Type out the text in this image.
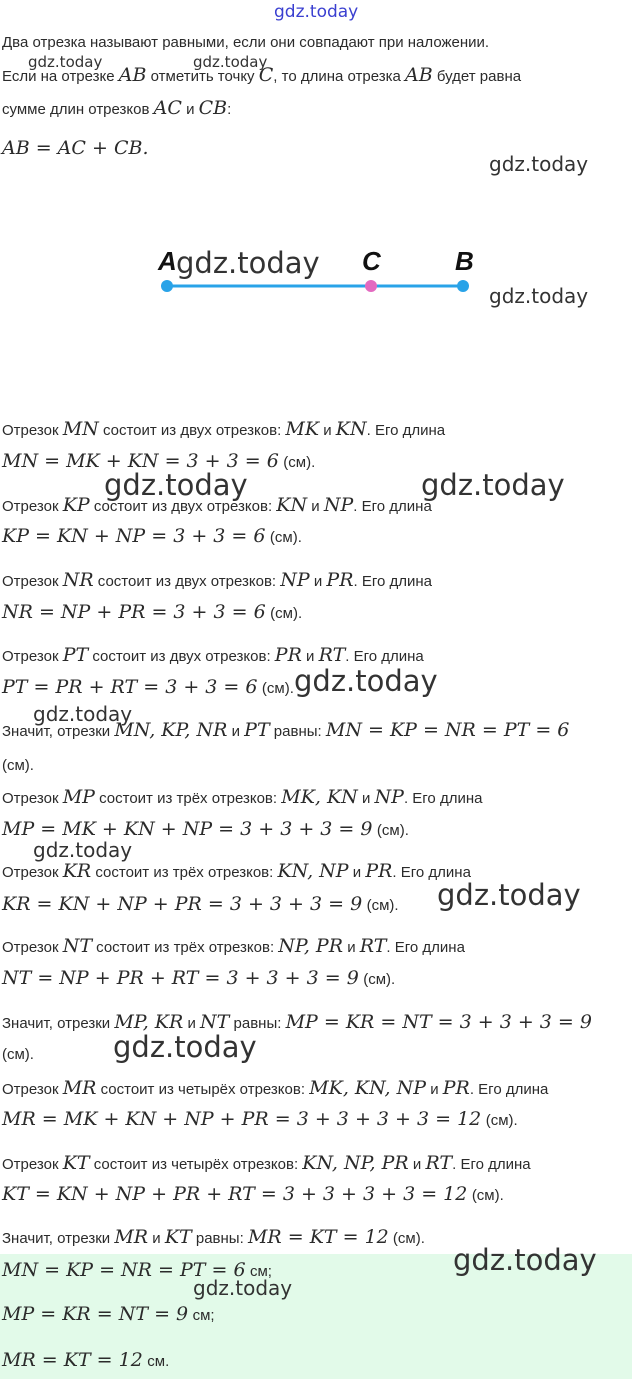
gdz.today
Два отрезка называют равными, если они совпадают при наложении.
gdz.today	gdz.today
Если на отрезке AB отметить точку C, то длина отрезка AB будет равна
сумме длин отрезков AC и CB:
AB = AC + CB.
gdz.today
A	C	B
gdz.today
gdz.today
Отрезок MN состоит из двух отрезков: MK и KN. Его длина
MN = MK + KN = 3 + 3 = 6 (см).
gdz.today	gdz.today
Отрезок KP состоит из двух отрезков: KN и NP. Его длина
KP = KN + NP = 3 + 3 = 6 (см).
Отрезок NR состоит из двух отрезков: NP и PR. Его длина
NR = NP + PR = 3 + 3 = 6 (см).
Отрезок PT состоит из двух отрезков: PR и RT. Его длина
PT = PR + RT = 3 + 3 = 6 (см). gdz.today
gdz.today
Значит, отрезки MN, KP, NR и PT равны: MN = KP = NR = PT = 6
(см).
Отрезок MP состоит из трёх отрезков: MK, KN и NP. Его длина
MP = MK + KN + NP = 3 + 3 + 3 = 9 (см).
gdz.today
Отрезок KR состоит из трёх отрезков: KN, NP и PR. Его длина
KR = KN + NP + PR = 3 + 3 + 3 = 9 (см). gdz.today
Отрезок NT состоит из трёх отрезков: NP, PR и RT. Его длина
NT = NP + PR + RT = 3 + 3 + 3 = 9 (см).
Значит, отрезки MP, KR и NT равны: MP = KR = NT = 3 + 3 + 3 = 9
(см).	gdz.today
Отрезок MR состоит из четырёх отрезков: MK, KN, NP и PR. Его длина
MR = MK + KN + NP + PR = 3 + 3 + 3 + 3 = 12 (см).
Отрезок KT состоит из четырёх отрезков: KN, NP, PR и RT. Его длина
KT = KN + NP + PR + RT = 3 + 3 + 3 + 3 = 12 (см).
Значит, отрезки MR и KT равны: MR = KT = 12 (см).
gdz.today
MN = KP = NR = PT = 6 см;
gdz.today
MP = KR = NT = 9 см;
MR = KT = 12 см.
